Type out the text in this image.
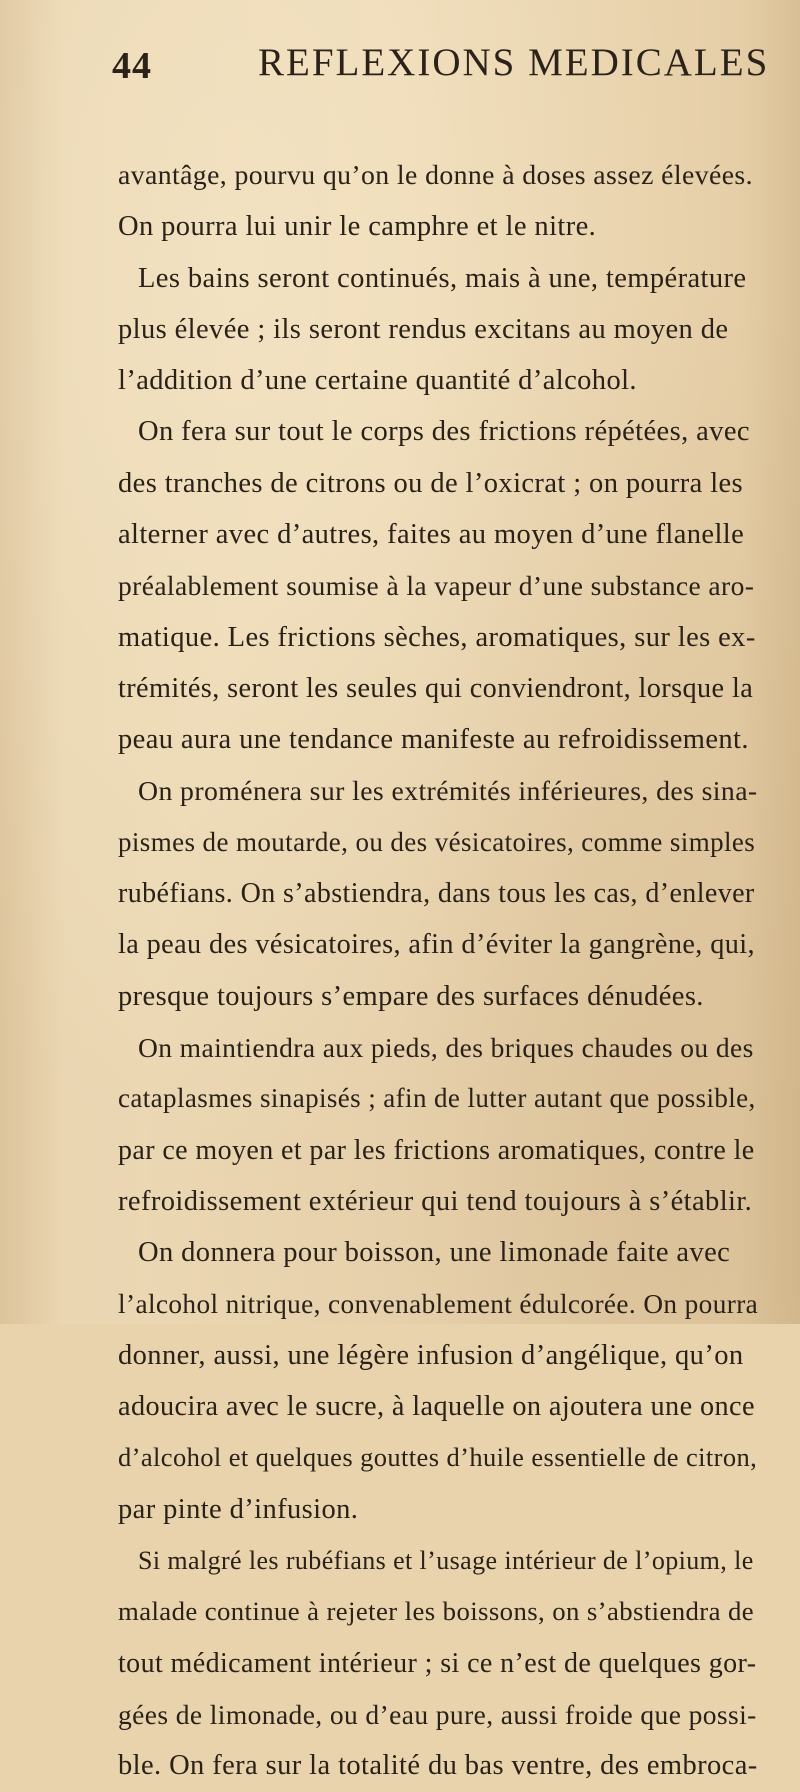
44	REFLEXIONS MEDICALES
avantâge, pourvu qu’on le donne à doses assez élevées.
On pourra lui unir le camphre et le nitre.
Les bains seront continués, mais à une, température
plus élevée ; ils seront rendus excitans au moyen de
l’addition d’une certaine quantité d’alcohol.
On fera sur tout le corps des frictions répétées, avec
des tranches de citrons ou de l’oxicrat ; on pourra les
alterner avec d’autres, faites au moyen d’une flanelle
préalablement soumise à la vapeur d’une substance aro-
matique. Les frictions sèches, aromatiques, sur les ex-
trémités, seront les seules qui conviendront, lorsque la
peau aura une tendance manifeste au refroidissement.
On proménera sur les extrémités inférieures, des sina-
pismes de moutarde, ou des vésicatoires, comme simples
rubéfians. On s’abstiendra, dans tous les cas, d’enlever
la peau des vésicatoires, afin d’éviter la gangrène, qui,
presque toujours s’empare des surfaces dénudées.
On maintiendra aux pieds, des briques chaudes ou des
cataplasmes sinapisés ; afin de lutter autant que possible,
par ce moyen et par les frictions aromatiques, contre le
refroidissement extérieur qui tend toujours à s’établir.
On donnera pour boisson, une limonade faite avec
l’alcohol nitrique, convenablement édulcorée. On pourra
donner, aussi, une légère infusion d’angélique, qu’on
adoucira avec le sucre, à laquelle on ajoutera une once
d’alcohol et quelques gouttes d’huile essentielle de citron,
par pinte d’infusion.
Si malgré les rubéfians et l’usage intérieur de l’opium, le
malade continue à rejeter les boissons, on s’abstiendra de
tout médicament intérieur ; si ce n’est de quelques gor-
gées de limonade, ou d’eau pure, aussi froide que possi-
ble. On fera sur la totalité du bas ventre, des embroca-
